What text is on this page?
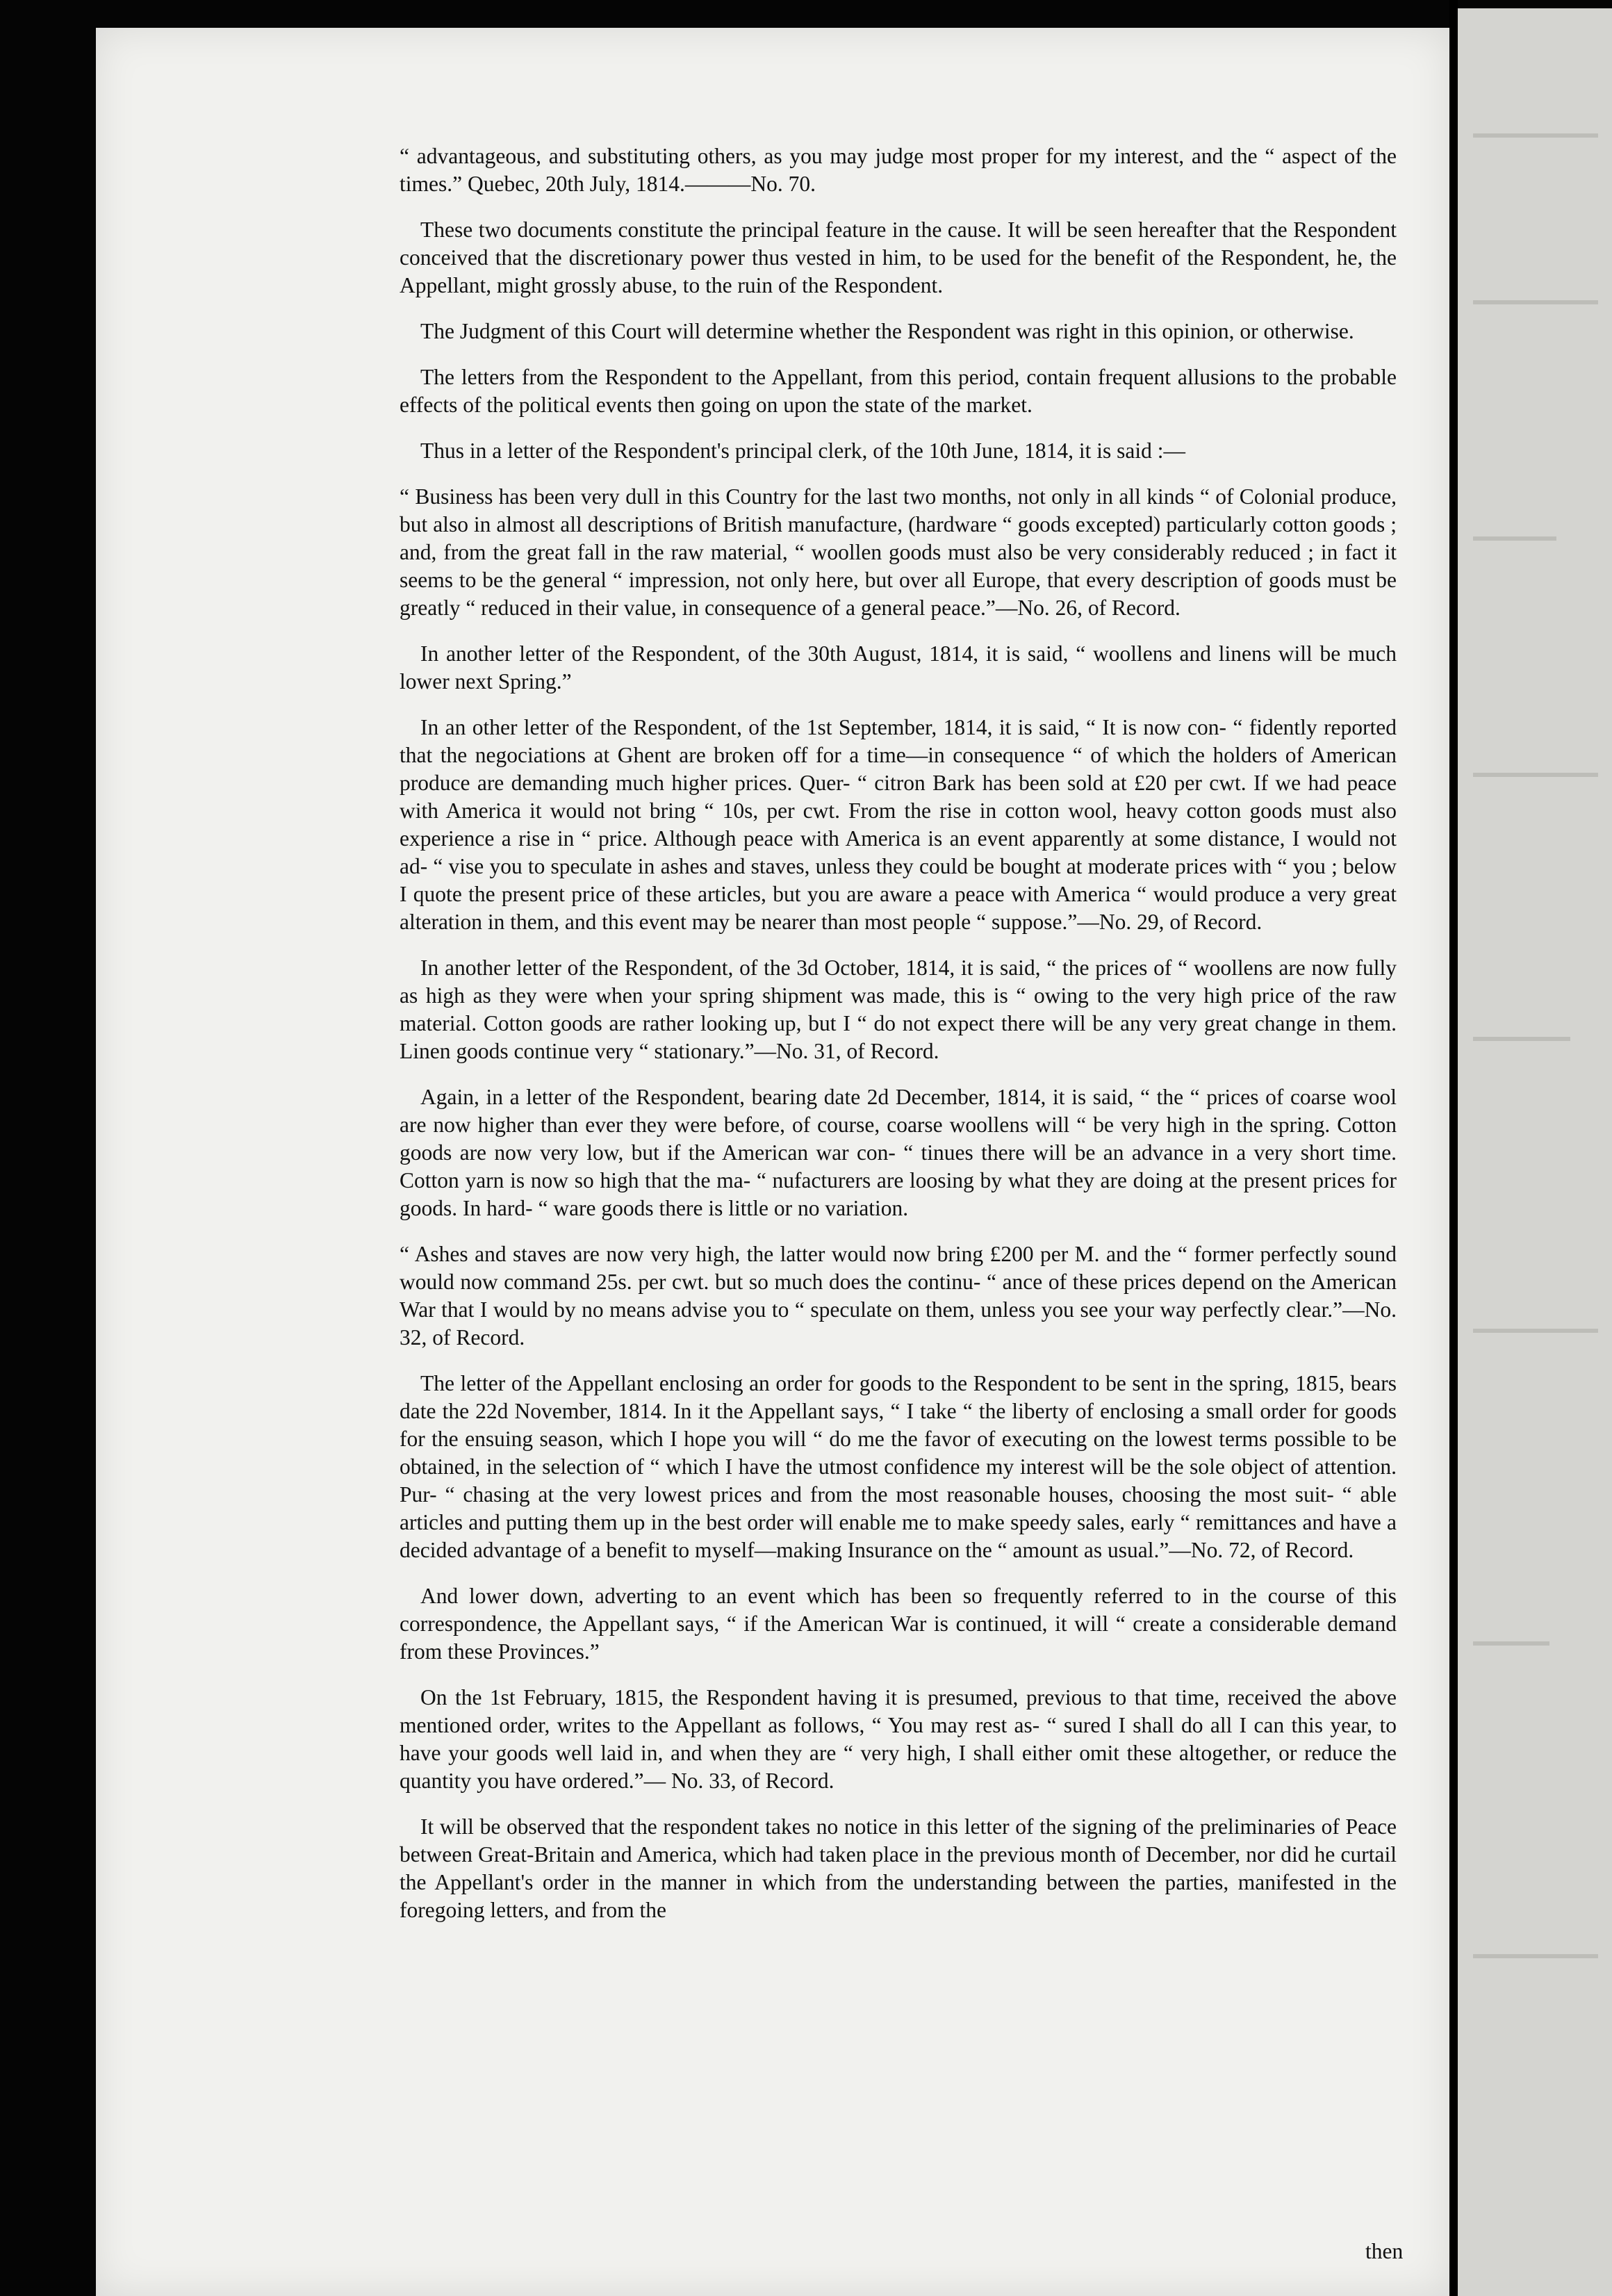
“ advantageous, and substituting others, as you may judge most proper for my interest, and the “ aspect of the times.” Quebec, 20th July, 1814.———No. 70.

These two documents constitute the principal feature in the cause. It will be seen hereafter that the Respondent conceived that the discretionary power thus vested in him, to be used for the benefit of the Respondent, he, the Appellant, might grossly abuse, to the ruin of the Respondent.

The Judgment of this Court will determine whether the Respondent was right in this opinion, or otherwise.

The letters from the Respondent to the Appellant, from this period, contain frequent allusions to the probable effects of the political events then going on upon the state of the market.

Thus in a letter of the Respondent's principal clerk, of the 10th June, 1814, it is said :—

“ Business has been very dull in this Country for the last two months, not only in all kinds “ of Colonial produce, but also in almost all descriptions of British manufacture, (hardware “ goods excepted) particularly cotton goods ; and, from the great fall in the raw material, “ woollen goods must also be very considerably reduced ; in fact it seems to be the general “ impression, not only here, but over all Europe, that every description of goods must be greatly “ reduced in their value, in consequence of a general peace.”—No. 26, of Record.

In another letter of the Respondent, of the 30th August, 1814, it is said, “ woollens and linens will be much lower next Spring.”

In an other letter of the Respondent, of the 1st September, 1814, it is said, “ It is now con- “ fidently reported that the negociations at Ghent are broken off for a time—in consequence “ of which the holders of American produce are demanding much higher prices. Quer- “ citron Bark has been sold at £20 per cwt. If we had peace with America it would not bring “ 10s, per cwt. From the rise in cotton wool, heavy cotton goods must also experience a rise in “ price. Although peace with America is an event apparently at some distance, I would not ad- “ vise you to speculate in ashes and staves, unless they could be bought at moderate prices with “ you ; below I quote the present price of these articles, but you are aware a peace with America “ would produce a very great alteration in them, and this event may be nearer than most people “ suppose.”—No. 29, of Record.

In another letter of the Respondent, of the 3d October, 1814, it is said, “ the prices of “ woollens are now fully as high as they were when your spring shipment was made, this is “ owing to the very high price of the raw material. Cotton goods are rather looking up, but I “ do not expect there will be any very great change in them. Linen goods continue very “ stationary.”—No. 31, of Record.

Again, in a letter of the Respondent, bearing date 2d December, 1814, it is said, “ the “ prices of coarse wool are now higher than ever they were before, of course, coarse woollens will “ be very high in the spring. Cotton goods are now very low, but if the American war con- “ tinues there will be an advance in a very short time. Cotton yarn is now so high that the ma- “ nufacturers are loosing by what they are doing at the present prices for goods. In hard- “ ware goods there is little or no variation.

“ Ashes and staves are now very high, the latter would now bring £200 per M. and the “ former perfectly sound would now command 25s. per cwt. but so much does the continu- “ ance of these prices depend on the American War that I would by no means advise you to “ speculate on them, unless you see your way perfectly clear.”—No. 32, of Record.

The letter of the Appellant enclosing an order for goods to the Respondent to be sent in the spring, 1815, bears date the 22d November, 1814. In it the Appellant says, “ I take “ the liberty of enclosing a small order for goods for the ensuing season, which I hope you will “ do me the favor of executing on the lowest terms possible to be obtained, in the selection of “ which I have the utmost confidence my interest will be the sole object of attention. Pur- “ chasing at the very lowest prices and from the most reasonable houses, choosing the most suit- “ able articles and putting them up in the best order will enable me to make speedy sales, early “ remittances and have a decided advantage of a benefit to myself—making Insurance on the “ amount as usual.”—No. 72, of Record.

And lower down, adverting to an event which has been so frequently referred to in the course of this correspondence, the Appellant says, “ if the American War is continued, it will “ create a considerable demand from these Provinces.”

On the 1st February, 1815, the Respondent having it is presumed, previous to that time, received the above mentioned order, writes to the Appellant as follows, “ You may rest as- “ sured I shall do all I can this year, to have your goods well laid in, and when they are “ very high, I shall either omit these altogether, or reduce the quantity you have ordered.”— No. 33, of Record.

It will be observed that the respondent takes no notice in this letter of the signing of the preliminaries of Peace between Great-Britain and America, which had taken place in the previous month of December, nor did he curtail the Appellant's order in the manner in which from the understanding between the parties, manifested in the foregoing letters, and from the

then
